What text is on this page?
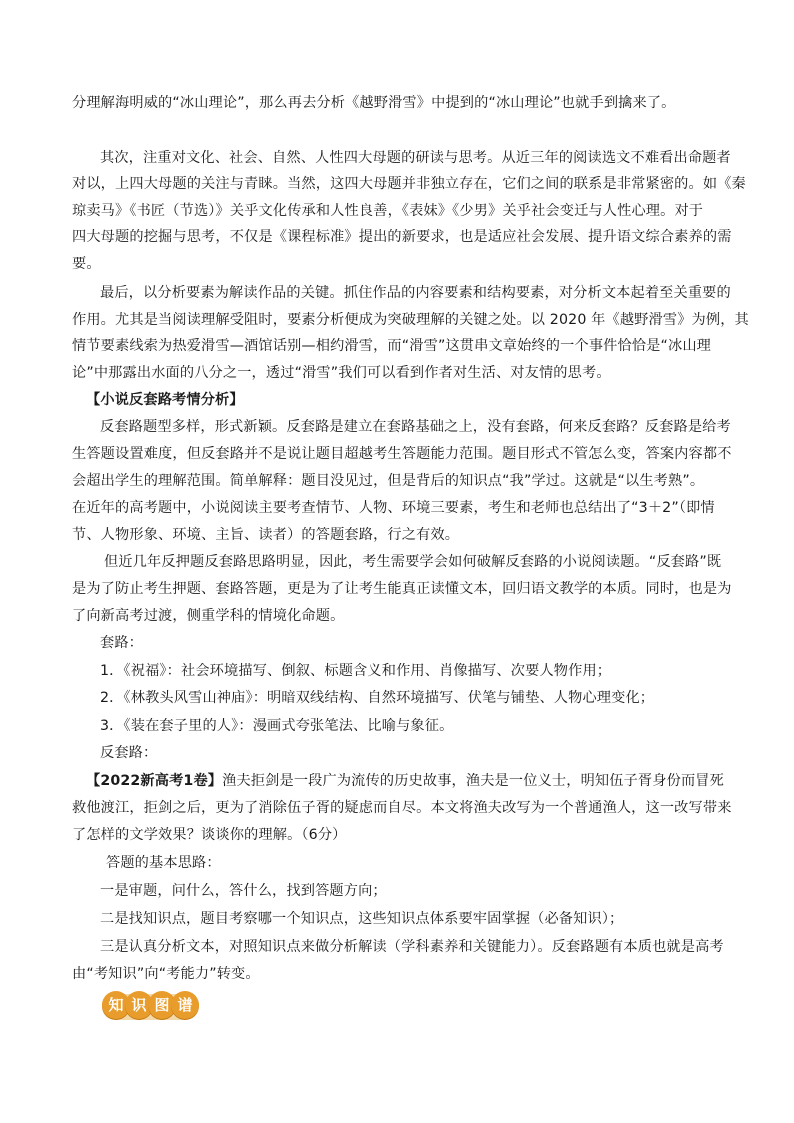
分理解海明威的“冰山理论”，那么再去分析《越野滑雪》中提到的“冰山理论”也就手到擒来了。
其次，注重对文化、社会、自然、人性四大母题的研读与思考。从近三年的阅读选文不难看出命题者
对以，上四大母题的关注与青睐。当然，这四大母题并非独立存在，它们之间的联系是非常紧密的。如《秦
琼卖马》《书匠（节选）》关乎文化传承和人性良善，《表妹》《少男》关乎社会变迁与人性心理。对于
四大母题的挖掘与思考，不仅是《课程标准》提出的新要求，也是适应社会发展、提升语文综合素养的需
要。
最后，以分析要素为解读作品的关键。抓住作品的内容要素和结构要素，对分析文本起着至关重要的
作用。尤其是当阅读理解受阻时，要素分析便成为突破理解的关键之处。以 2020 年《越野滑雪》为例，其
情节要素线索为热爱滑雪—酒馆话别—相约滑雪，而“滑雪”这贯串文章始终的一个事件恰恰是“冰山理
论”中那露出水面的八分之一，透过“滑雪”我们可以看到作者对生活、对友情的思考。
【小说反套路考情分析】
反套路题型多样，形式新颖。反套路是建立在套路基础之上，没有套路，何来反套路？反套路是给考
生答题设置难度，但反套路并不是说让题目超越考生答题能力范围。题目形式不管怎么变，答案内容都不
会超出学生的理解范围。简单解释：题目没见过，但是背后的知识点“我”学过。这就是“以生考熟”。
在近年的高考题中，小说阅读主要考查情节、人物、环境三要素，考生和老师也总结出了“3＋2”（即情
节、人物形象、环境、主旨、读者）的答题套路，行之有效。
但近几年反押题反套路思路明显，因此，考生需要学会如何破解反套路的小说阅读题。“反套路”既
是为了防止考生押题、套路答题，更是为了让考生能真正读懂文本，回归语文教学的本质。同时，也是为
了向新高考过渡，侧重学科的情境化命题。
套路：
1．《祝福》：社会环境描写、倒叙、标题含义和作用、肖像描写、次要人物作用；
2．《林教头风雪山神庙》：明暗双线结构、自然环境描写、伏笔与铺垫、人物心理变化；
3．《装在套子里的人》：漫画式夸张笔法、比喻与象征。
反套路：
【2022新高考1卷】渔夫拒剑是一段广为流传的历史故事，渔夫是一位义士，明知伍子胥身份而冒死
救他渡江，拒剑之后，更为了消除伍子胥的疑虑而自尽。本文将渔夫改写为一个普通渔人，这一改写带来
了怎样的文学效果？谈谈你的理解。（6分）
答题的基本思路：
一是审题，问什么，答什么，找到答题方向；
二是找知识点，题目考察哪一个知识点，这些知识点体系要牢固掌握（必备知识）；
三是认真分析文本，对照知识点来做分析解读（学科素养和关键能力）。反套路题有本质也就是高考
由“考知识”向“考能力”转变。
知 识 图 谱
